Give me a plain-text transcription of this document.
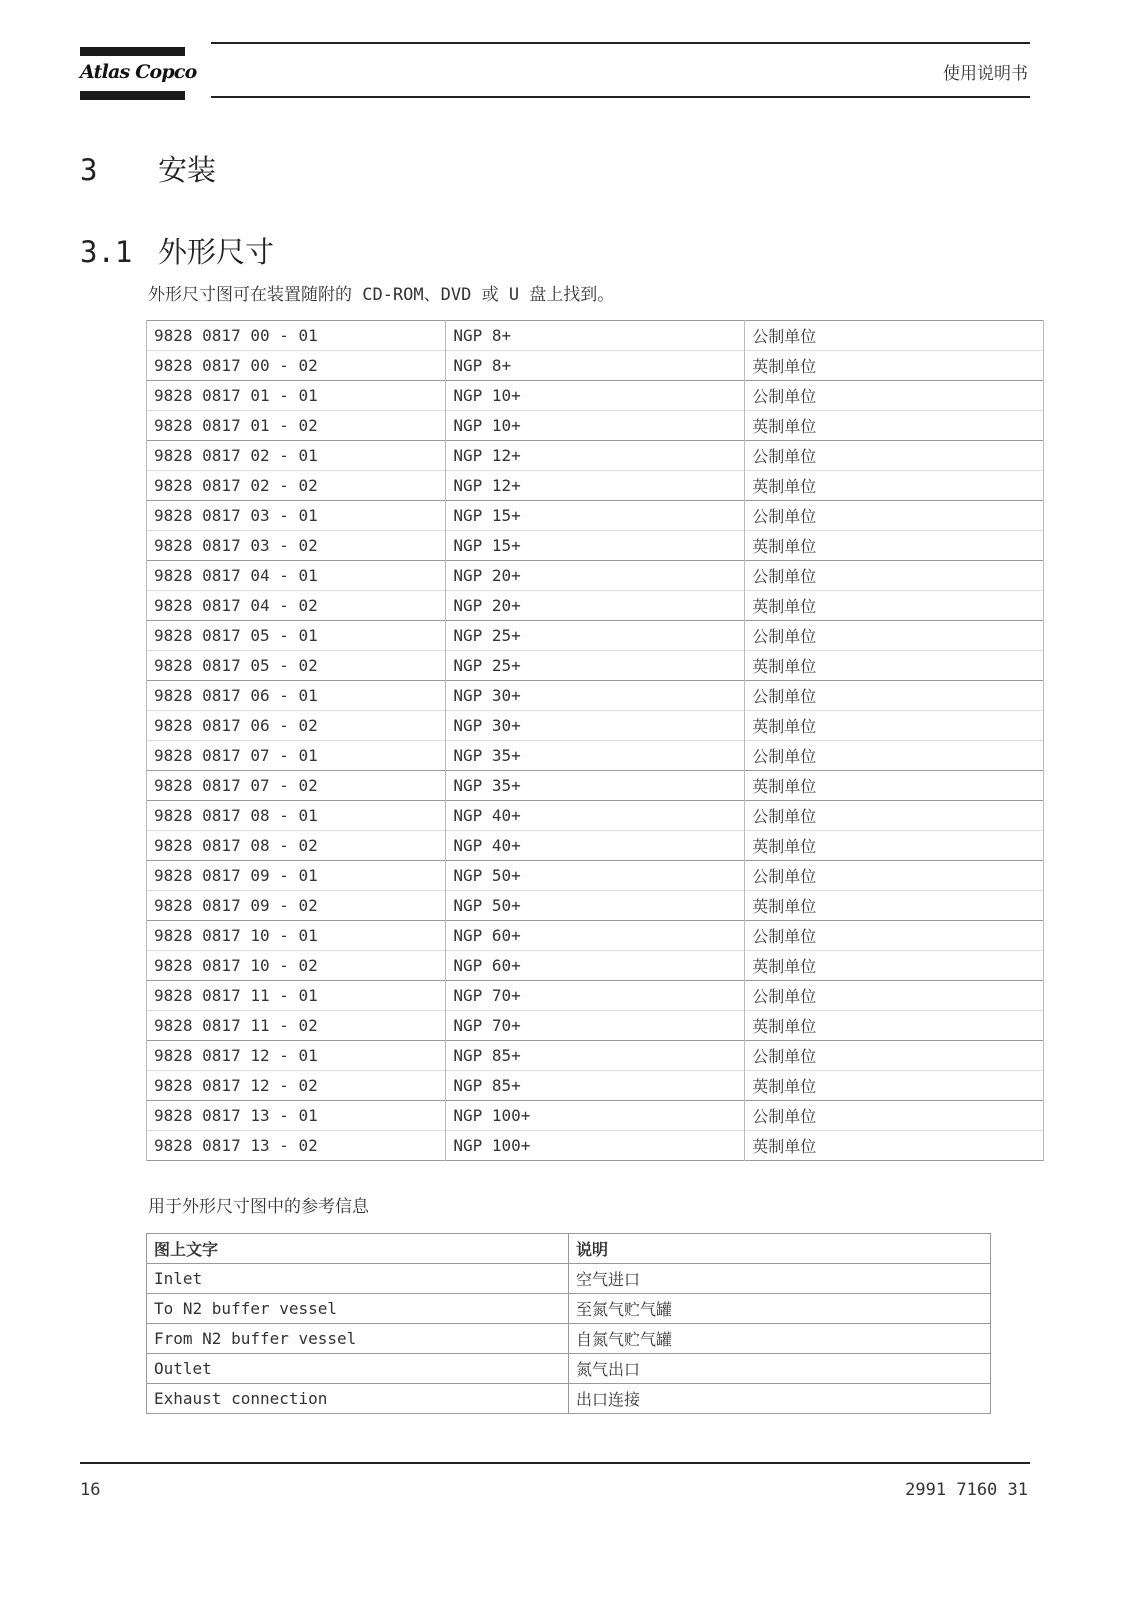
Atlas Copco	使用说明书
3 安装
3.1 外形尺寸
外形尺寸图可在装置随附的 CD-ROM、DVD 或 U 盘上找到。
9828 0817 00 - 01	NGP 8+	公制单位
9828 0817 00 - 02	NGP 8+	英制单位
9828 0817 01 - 01	NGP 10+	公制单位
9828 0817 01 - 02	NGP 10+	英制单位
9828 0817 02 - 01	NGP 12+	公制单位
9828 0817 02 - 02	NGP 12+	英制单位
9828 0817 03 - 01	NGP 15+	公制单位
9828 0817 03 - 02	NGP 15+	英制单位
9828 0817 04 - 01	NGP 20+	公制单位
9828 0817 04 - 02	NGP 20+	英制单位
9828 0817 05 - 01	NGP 25+	公制单位
9828 0817 05 - 02	NGP 25+	英制单位
9828 0817 06 - 01	NGP 30+	公制单位
9828 0817 06 - 02	NGP 30+	英制单位
9828 0817 07 - 01	NGP 35+	公制单位
9828 0817 07 - 02	NGP 35+	英制单位
9828 0817 08 - 01	NGP 40+	公制单位
9828 0817 08 - 02	NGP 40+	英制单位
9828 0817 09 - 01	NGP 50+	公制单位
9828 0817 09 - 02	NGP 50+	英制单位
9828 0817 10 - 01	NGP 60+	公制单位
9828 0817 10 - 02	NGP 60+	英制单位
9828 0817 11 - 01	NGP 70+	公制单位
9828 0817 11 - 02	NGP 70+	英制单位
9828 0817 12 - 01	NGP 85+	公制单位
9828 0817 12 - 02	NGP 85+	英制单位
9828 0817 13 - 01	NGP 100+	公制单位
9828 0817 13 - 02	NGP 100+	英制单位
用于外形尺寸图中的参考信息
图上文字	说明
Inlet	空气进口
To N2 buffer vessel	至氮气贮气罐
From N2 buffer vessel	自氮气贮气罐
Outlet	氮气出口
Exhaust connection	出口连接
16	2991 7160 31
